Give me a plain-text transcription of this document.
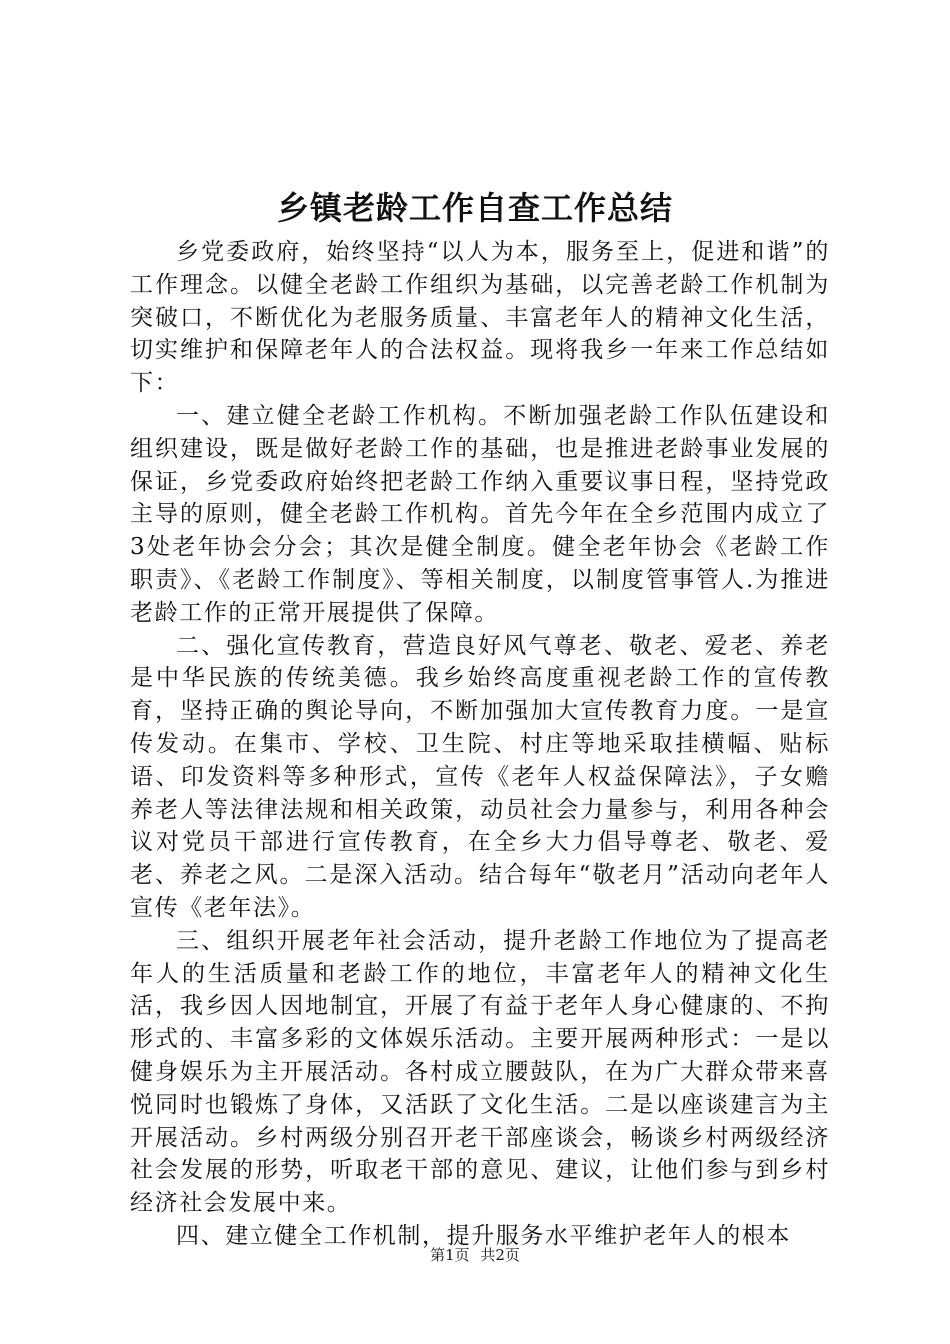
乡镇老龄工作自查工作总结

乡党委政府，始终坚持“以人为本，服务至上，促进和谐”的工作理念。以健全老龄工作组织为基础，以完善老龄工作机制为突破口，不断优化为老服务质量、丰富老年人的精神文化生活，切实维护和保障老年人的合法权益。现将我乡一年来工作总结如下：

一、建立健全老龄工作机构。不断加强老龄工作队伍建设和组织建设，既是做好老龄工作的基础，也是推进老龄事业发展的保证，乡党委政府始终把老龄工作纳入重要议事日程，坚持党政主导的原则，健全老龄工作机构。首先今年在全乡范围内成立了3处老年协会分会；其次是健全制度。健全老年协会《老龄工作职责》、《老龄工作制度》、等相关制度，以制度管事管人.为推进老龄工作的正常开展提供了保障。

二、强化宣传教育，营造良好风气尊老、敬老、爱老、养老是中华民族的传统美德。我乡始终高度重视老龄工作的宣传教育，坚持正确的舆论导向，不断加强加大宣传教育力度。一是宣传发动。在集市、学校、卫生院、村庄等地采取挂横幅、贴标语、印发资料等多种形式，宣传《老年人权益保障法》，子女赡养老人等法律法规和相关政策，动员社会力量参与，利用各种会议对党员干部进行宣传教育，在全乡大力倡导尊老、敬老、爱老、养老之风。二是深入活动。结合每年“敬老月”活动向老年人宣传《老年法》。

三、组织开展老年社会活动，提升老龄工作地位为了提高老年人的生活质量和老龄工作的地位，丰富老年人的精神文化生活，我乡因人因地制宜，开展了有益于老年人身心健康的、不拘形式的、丰富多彩的文体娱乐活动。主要开展两种形式：一是以健身娱乐为主开展活动。各村成立腰鼓队，在为广大群众带来喜悦同时也锻炼了身体，又活跃了文化生活。二是以座谈建言为主开展活动。乡村两级分别召开老干部座谈会，畅谈乡村两级经济社会发展的形势，听取老干部的意见、建议，让他们参与到乡村经济社会发展中来。

四、建立健全工作机制，提升服务水平维护老年人的根本

第1页 共2页
